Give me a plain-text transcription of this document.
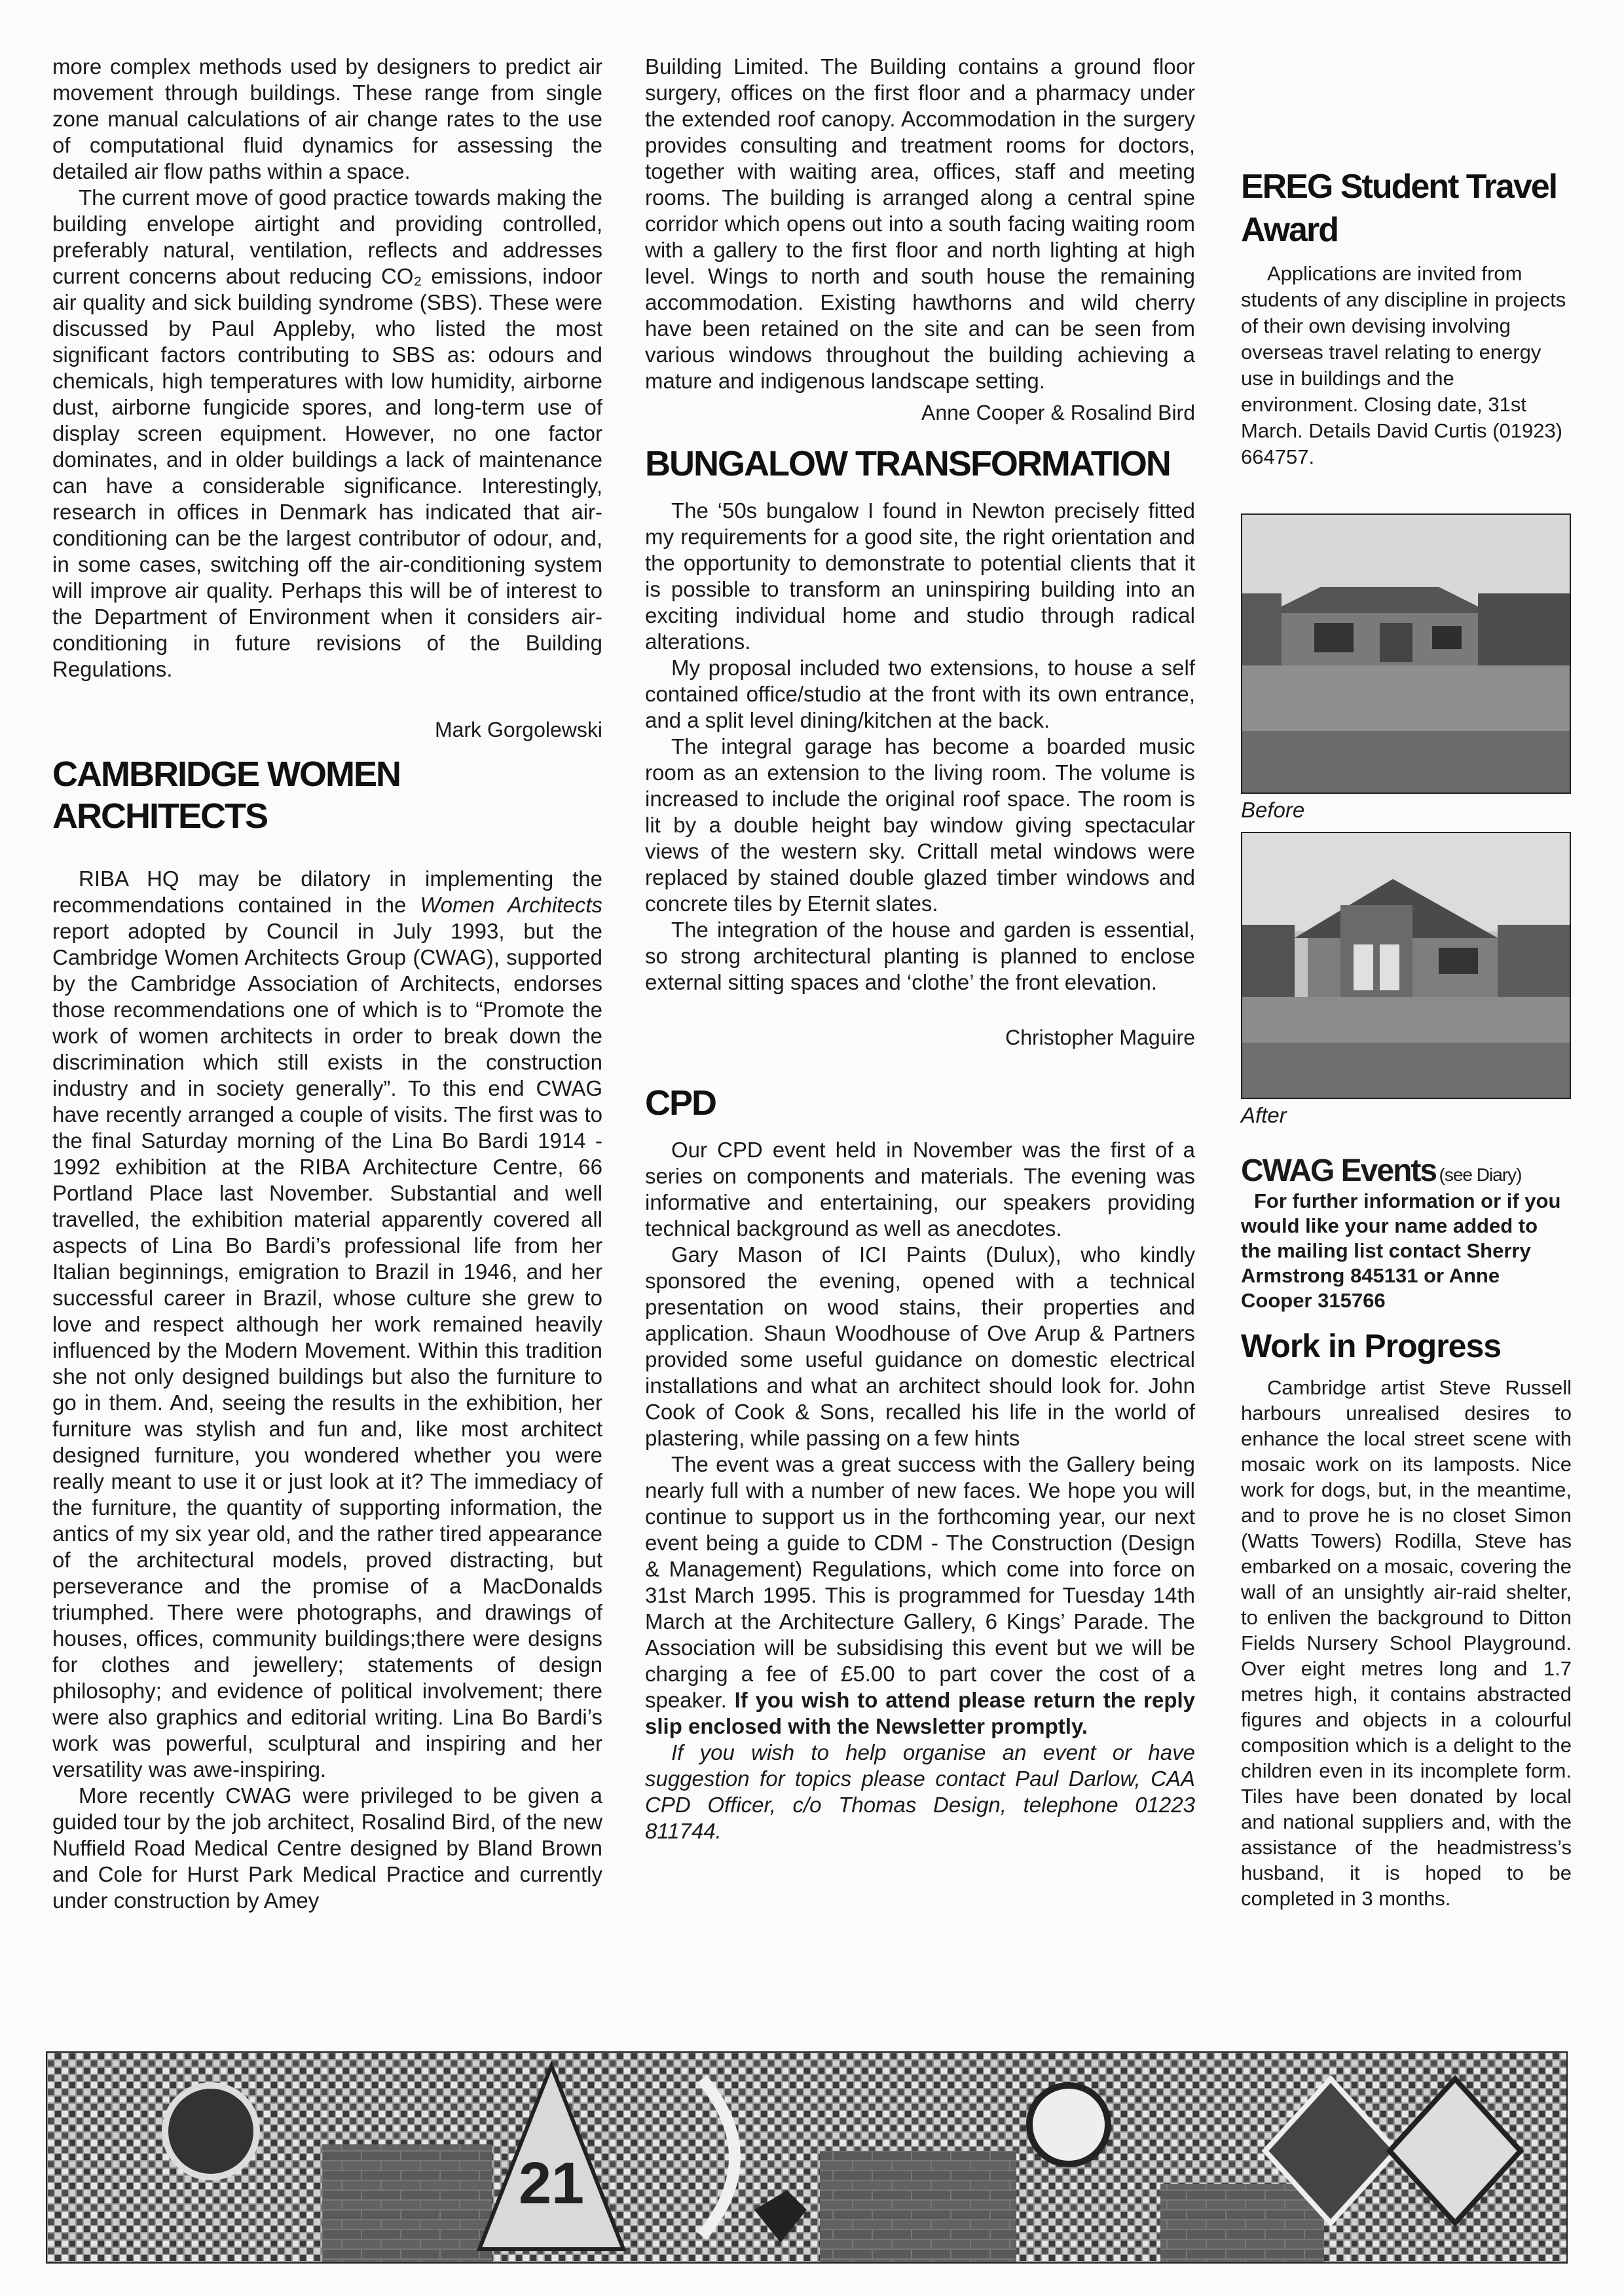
more complex methods used by designers to predict air movement through buildings. These range from single zone manual calculations of air change rates to the use of computational fluid dynamics for assessing the detailed air flow paths within a space.

The current move of good practice towards making the building envelope airtight and providing controlled, preferably natural, ventilation, reflects and addresses current concerns about reducing CO₂ emissions, indoor air quality and sick building syndrome (SBS). These were discussed by Paul Appleby, who listed the most significant factors contributing to SBS as: odours and chemicals, high temperatures with low humidity, airborne dust, airborne fungicide spores, and long-term use of display screen equipment. However, no one factor dominates, and in older buildings a lack of maintenance can have a considerable significance. Interestingly, research in offices in Denmark has indicated that air-conditioning can be the largest contributor of odour, and, in some cases, switching off the air-conditioning system will improve air quality. Perhaps this will be of interest to the Department of Environment when it considers air-conditioning in future revisions of the Building Regulations.

Mark Gorgolewski

CAMBRIDGE WOMEN ARCHITECTS

RIBA HQ may be dilatory in implementing the recommendations contained in the Women Architects report adopted by Council in July 1993, but the Cambridge Women Architects Group (CWAG), supported by the Cambridge Association of Architects, endorses those recommendations one of which is to “Promote the work of women architects in order to break down the discrimination which still exists in the construction industry and in society generally”. To this end CWAG have recently arranged a couple of visits. The first was to the final Saturday morning of the Lina Bo Bardi 1914 - 1992 exhibition at the RIBA Architecture Centre, 66 Portland Place last November. Substantial and well travelled, the exhibition material apparently covered all aspects of Lina Bo Bardi’s professional life from her Italian beginnings, emigration to Brazil in 1946, and her successful career in Brazil, whose culture she grew to love and respect although her work remained heavily influenced by the Modern Movement. Within this tradition she not only designed buildings but also the furniture to go in them. And, seeing the results in the exhibition, her furniture was stylish and fun and, like most architect designed furniture, you wondered whether you were really meant to use it or just look at it? The immediacy of the furniture, the quantity of supporting information, the antics of my six year old, and the rather tired appearance of the architectural models, proved distracting, but perseverance and the promise of a MacDonalds triumphed. There were photographs, and drawings of houses, offices, community buildings;there were designs for clothes and jewellery; statements of design philosophy; and evidence of political involvement; there were also graphics and editorial writing. Lina Bo Bardi’s work was powerful, sculptural and inspiring and her versatility was awe-inspiring.

More recently CWAG were privileged to be given a guided tour by the job architect, Rosalind Bird, of the new Nuffield Road Medical Centre designed by Bland Brown and Cole for Hurst Park Medical Practice and currently under construction by Amey

Building Limited. The Building contains a ground floor surgery, offices on the first floor and a pharmacy under the extended roof canopy. Accommodation in the surgery provides consulting and treatment rooms for doctors, together with waiting area, offices, staff and meeting rooms. The building is arranged along a central spine corridor which opens out into a south facing waiting room with a gallery to the first floor and north lighting at high level. Wings to north and south house the remaining accommodation. Existing hawthorns and wild cherry have been retained on the site and can be seen from various windows throughout the building achieving a mature and indigenous landscape setting.

Anne Cooper & Rosalind Bird

BUNGALOW TRANSFORMATION

The ‘50s bungalow I found in Newton precisely fitted my requirements for a good site, the right orientation and the opportunity to demonstrate to potential clients that it is possible to transform an uninspiring building into an exciting individual home and studio through radical alterations.

My proposal included two extensions, to house a self contained office/studio at the front with its own entrance, and a split level dining/kitchen at the back.

The integral garage has become a boarded music room as an extension to the living room. The volume is increased to include the original roof space. The room is lit by a double height bay window giving spectacular views of the western sky. Crittall metal windows were replaced by stained double glazed timber windows and concrete tiles by Eternit slates.

The integration of the house and garden is essential, so strong architectural planting is planned to enclose external sitting spaces and ‘clothe’ the front elevation.

Christopher Maguire

CPD

Our CPD event held in November was the first of a series on components and materials. The evening was informative and entertaining, our speakers providing technical background as well as anecdotes.

Gary Mason of ICI Paints (Dulux), who kindly sponsored the evening, opened with a technical presentation on wood stains, their properties and application. Shaun Woodhouse of Ove Arup & Partners provided some useful guidance on domestic electrical installations and what an architect should look for. John Cook of Cook & Sons, recalled his life in the world of plastering, while passing on a few hints

The event was a great success with the Gallery being nearly full with a number of new faces. We hope you will continue to support us in the forthcoming year, our next event being a guide to CDM - The Construction (Design & Management) Regulations, which come into force on 31st March 1995. This is programmed for Tuesday 14th March at the Architecture Gallery, 6 Kings’ Parade. The Association will be subsidising this event but we will be charging a fee of £5.00 to part cover the cost of a speaker. If you wish to attend please return the reply slip enclosed with the Newsletter promptly.

If you wish to help organise an event or have suggestion for topics please contact Paul Darlow, CAA CPD Officer, c/o Thomas Design, telephone 01223 811744.

EREG Student Travel Award

Applications are invited from students of any discipline in projects of their own devising involving overseas travel relating to energy use in buildings and the environment. Closing date, 31st March. Details David Curtis (01923) 664757.

Before

After

CWAG Events (see Diary)

For further information or if you would like your name added to the mailing list contact Sherry Armstrong 845131 or Anne Cooper 315766

Work in Progress

Cambridge artist Steve Russell harbours unrealised desires to enhance the local street scene with mosaic work on its lamposts. Nice work for dogs, but, in the meantime, and to prove he is no closet Simon (Watts Towers) Rodilla, Steve has embarked on a mosaic, covering the wall of an unsightly air-raid shelter, to enliven the background to Ditton Fields Nursery School Playground. Over eight metres long and 1.7 metres high, it contains abstracted figures and objects in a colourful composition which is a delight to the children even in its incomplete form. Tiles have been donated by local and national suppliers and, with the assistance of the headmistress’s husband, it is hoped to be completed in 3 months.

21
